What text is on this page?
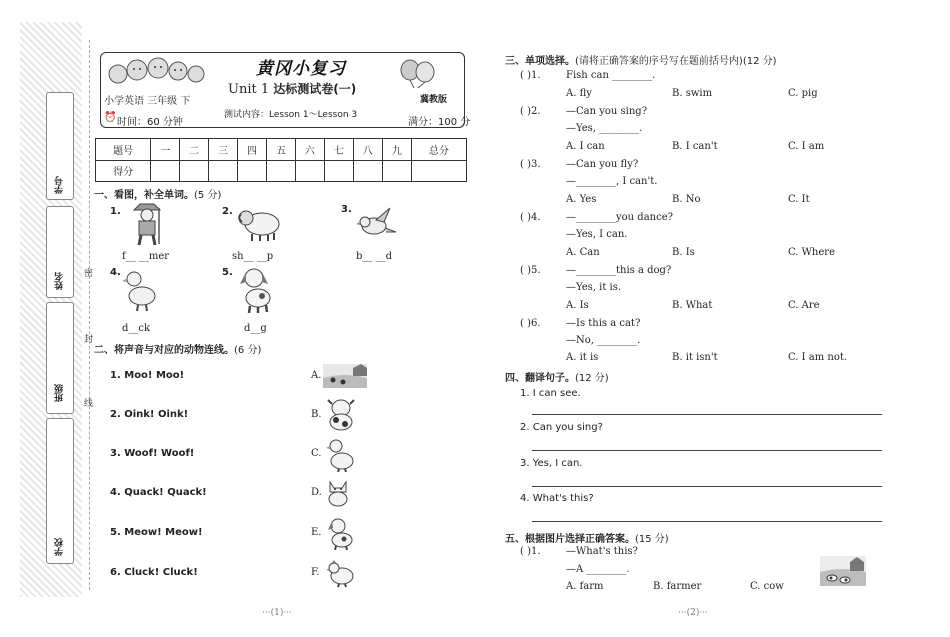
学号
姓名
班级
学校
密
封
线
黄冈小复习
小学英语 三年级 下
Unit 1 达标测试卷(一)
冀教版
⏰ 时间：60 分钟
测试内容：Lesson 1～Lesson 3
满分：100 分
题号	一	二	三	四	五	六	七	八	九	总分
得分										
一、看图，补全单词。(5 分)
1.
f__ __mer
2.
sh__ __p
3.
b__ __d
4.
d__ck
5.
d__g
二、将声音与对应的动物连线。(6 分)
1. Moo! Moo!
2. Oink! Oink!
3. Woof! Woof!
4. Quack! Quack!
5. Meow! Meow!
6. Cluck! Cluck!
A.
B.
C.
D.
E.
F.
···(1)···
三、单项选择。(请将正确答案的序号写在题前括号内)(12 分)
( )1.	Fish can ________.
A. fly	B. swim	C. pig
( )2.	—Can you sing?
—Yes, ________.
A. I can	B. I can't	C. I am
( )3.	—Can you fly?
—________, I can't.
A. Yes	B. No	C. It
( )4.	—________you dance?
—Yes, I can.
A. Can	B. Is	C. Where
( )5.	—________this a dog?
—Yes, it is.
A. Is	B. What	C. Are
( )6.	—Is this a cat?
—No, ________.
A. it is	B. it isn't	C. I am not.
四、翻译句子。(12 分)
1. I can see.
2. Can you sing?
3. Yes, I can.
4. What's this?
五、根据图片选择正确答案。(15 分)
( )1.	—What's this?
—A ________.
A. farm	B. farmer	C. cow
···(2)···
